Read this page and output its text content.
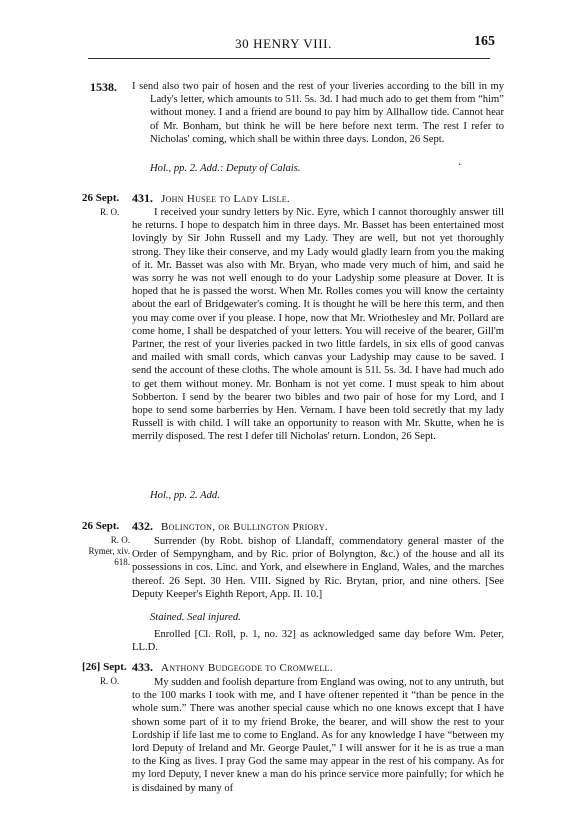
30 HENRY VIII.	165
1538. I send also two pair of hosen and the rest of your liveries according to the bill in my Lady's letter, which amounts to 51l. 5s. 3d. I had much ado to get them from “him” without money. I and a friend are bound to pay him by Allhallow tide. Cannot hear of Mr. Bonham, but think he will be here before next term. The rest I refer to Nicholas' coming, which shall be within three days. London, 26 Sept.

·
Hol., pp. 2. Add.: Deputy of Calais.
26 Sept.
R. O.
431. John Husee to Lady Lisle.

I received your sundry letters by Nic. Eyre, which I cannot thoroughly answer till he returns. I hope to despatch him in three days. Mr. Basset has been entertained most lovingly by Sir John Russell and my Lady. They are well, but not yet thoroughly strong. They like their conserve, and my Lady would gladly learn from you the making of it. Mr. Basset was also with Mr. Bryan, who made very much of him, and said he was sorry he was not well enough to do your Ladyship some pleasure at Dover. It is hoped that he is passed the worst. When Mr. Rolles comes you will know the certainty about the earl of Bridgewater's coming. It is thought he will be here this term, and then you may come over if you please. I hope, now that Mr. Wriothesley and Mr. Pollard are come home, I shall be despatched of your letters. You will receive of the bearer, Gill'm Partner, the rest of your liveries packed in two little fardels, in six ells of good canvas and mailed with small cords, which canvas your Ladyship may cause to be saved. I send the account of these cloths. The whole amount is 51l. 5s. 3d. I have had much ado to get them without money. Mr. Bonham is not yet come. I must speak to him about Sobberton. I send by the bearer two bibles and two pair of hose for my Lord, and I hope to send some barberries by Hen. Vernam. I have been told secretly that my lady Russell is with child. I will take an opportunity to reason with Mr. Skutte, when he is merrily disposed. The rest I defer till Nicholas' return. London, 26 Sept.

Hol., pp. 2. Add.
26 Sept.
R. O.
Rymer, xiv.
618.
432. Bolington, or Bullington Priory.

Surrender (by Robt. bishop of Llandaff, commendatory general master of the Order of Sempyngham, and by Ric. prior of Bolyngton, &c.) of the house and all its possessions in cos. Linc. and York, and elsewhere in England, Wales, and the marches thereof. 26 Sept. 30 Hen. VIII. Signed by Ric. Brytan, prior, and nine others. [See Deputy Keeper's Eighth Report, App. II. 10.]

Stained. Seal injured.

Enrolled [Cl. Roll, p. 1, no. 32] as acknowledged same day before Wm. Peter, LL.D.

[26] Sept.
R. O.
433. Anthony Budgegode to Cromwell.

My sudden and foolish departure from England was owing, not to any untruth, but to the 100 marks I took with me, and I have oftener repented it “than be pence in the whole sum.” There was another special cause which no one knows except that I have shown some part of it to my friend Broke, the bearer, and will show the rest to your Lordship if life last me to come to England. As for any knowledge I have “between my lord Deputy of Ireland and Mr. George Paulet,” I will answer for it he is as true a man to the King as lives. I pray God the same may appear in the rest of his company. As for my lord Deputy, I never knew a man do his prince service more painfully; for which he is disdained by many of
